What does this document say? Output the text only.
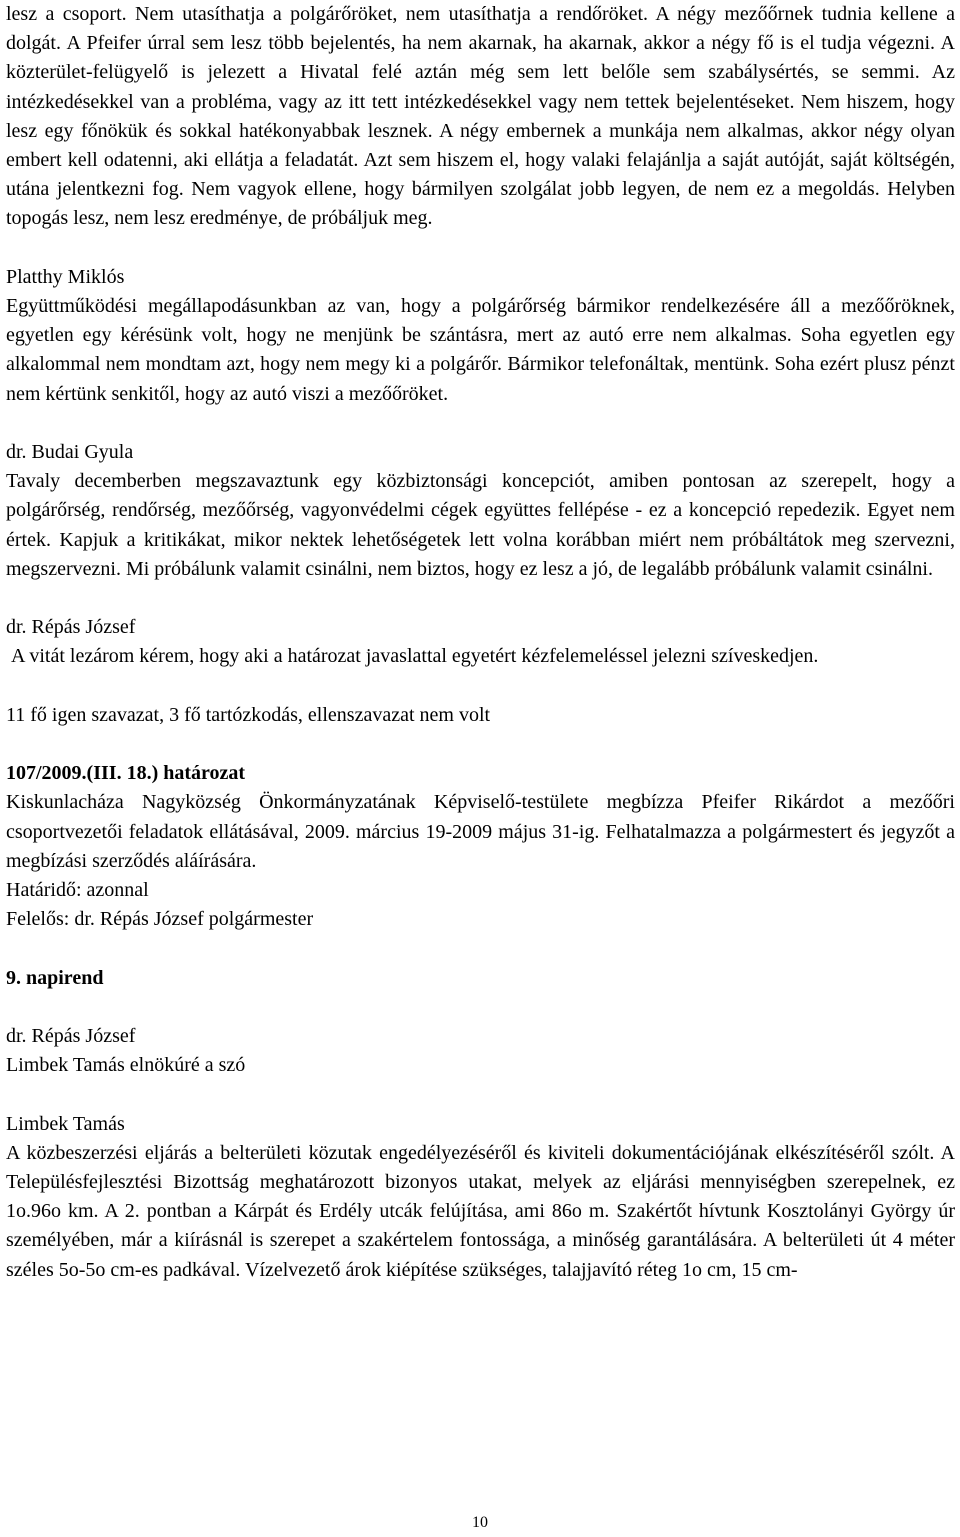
lesz a csoport. Nem utasíthatja a polgárőröket, nem utasíthatja a rendőröket. A négy mezőőrnek tudnia kellene a dolgát. A Pfeifer úrral sem lesz több bejelentés, ha nem akarnak, ha akarnak, akkor a négy fő is el tudja végezni. A közterület-felügyelő is jelezett a Hivatal felé aztán még sem lett belőle sem szabálysértés, se semmi. Az intézkedésekkel van a probléma, vagy az itt tett intézkedésekkel vagy nem tettek bejelentéseket. Nem hiszem, hogy lesz egy főnökük és sokkal hatékonyabbak lesznek. A négy embernek a munkája nem alkalmas, akkor négy olyan embert kell odatenni, aki ellátja a feladatát. Azt sem hiszem el, hogy valaki felajánlja a saját autóját, saját költségén, utána jelentkezni fog. Nem vagyok ellene, hogy bármilyen szolgálat jobb legyen, de nem ez a megoldás. Helyben topogás lesz, nem lesz eredménye, de próbáljuk meg.

Platthy Miklós

Együttműködési megállapodásunkban az van, hogy a polgárőrség bármikor rendelkezésére áll a mezőőröknek, egyetlen egy kérésünk volt, hogy ne menjünk be szántásra, mert az autó erre nem alkalmas. Soha egyetlen egy alkalommal nem mondtam azt, hogy nem megy ki a polgárőr. Bármikor telefonáltak, mentünk. Soha ezért plusz pénzt nem kértünk senkitől, hogy az autó viszi a mezőőröket.

dr. Budai Gyula

Tavaly decemberben megszavaztunk egy közbiztonsági koncepciót, amiben pontosan az szerepelt, hogy a polgárőrség, rendőrség, mezőőrség, vagyonvédelmi cégek együttes fellépése - ez a koncepció repedezik. Egyet nem értek. Kapjuk a kritikákat, mikor nektek lehetőségetek lett volna korábban miért nem próbáltátok meg szervezni, megszervezni. Mi próbálunk valamit csinálni, nem biztos, hogy ez lesz a jó, de legalább próbálunk valamit csinálni.

dr. Répás József

A vitát lezárom kérem, hogy aki a határozat javaslattal egyetért kézfelemeléssel jelezni szíveskedjen.

11 fő igen szavazat, 3 fő tartózkodás, ellenszavazat nem volt

107/2009.(III. 18.) határozat

Kiskunlacháza Nagyközség Önkormányzatának Képviselő-testülete megbízza Pfeifer Rikárdot a mezőőri csoportvezetői feladatok ellátásával, 2009. március 19-2009 május 31-ig. Felhatalmazza a polgármestert és jegyzőt a megbízási szerződés aláírására.

Határidő: azonnal

Felelős: dr. Répás József polgármester

9. napirend

dr. Répás József

Limbek Tamás elnökúré a szó

Limbek Tamás

A közbeszerzési eljárás a belterületi közutak engedélyezéséről és kiviteli dokumentációjának elkészítéséről szólt. A Településfejlesztési Bizottság meghatározott bizonyos utakat, melyek az eljárási mennyiségben szerepelnek, ez 1o.96o km. A 2. pontban a Kárpát és Erdély utcák felújítása, ami 86o m. Szakértőt hívtunk Kosztolányi György úr személyében, már a kiírásnál is szerepet a szakértelem fontossága, a minőség garantálására. A belterületi út 4 méter széles 5o-5o cm-es padkával. Vízelvezető árok kiépítése szükséges, talajjavító réteg 1o cm, 15 cm-

10
